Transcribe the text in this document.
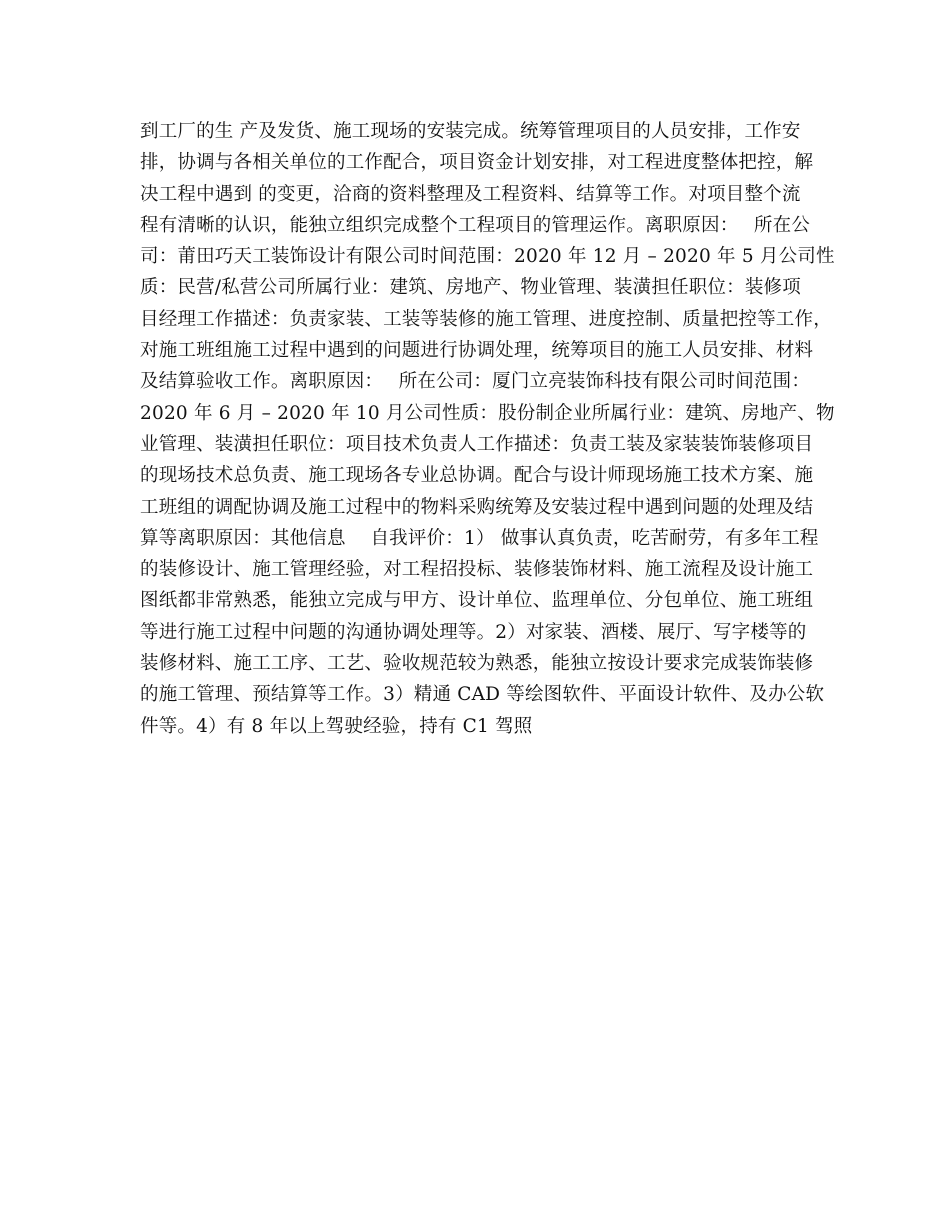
到工厂的生 产及发货、施工现场的安装完成。统筹管理项目的人员安排，工作安
排，协调与各相关单位的工作配合，项目资金计划安排，对工程进度整体把控，解
决工程中遇到 的变更，洽商的资料整理及工程资料、结算等工作。对项目整个流
程有清晰的认识，能独立组织完成整个工程项目的管理运作。离职原因：　 所在公
司：莆田巧天工装饰设计有限公司时间范围：2020 年 12 月 – 2020 年 5 月公司性
质：民营/私营公司所属行业：建筑、房地产、物业管理、装潢担任职位：装修项
目经理工作描述：负责家装、工装等装修的施工管理、进度控制、质量把控等工作，
对施工班组施工过程中遇到的问题进行协调处理，统筹项目的施工人员安排、材料
及结算验收工作。离职原因：　 所在公司：厦门立亮装饰科技有限公司时间范围：
2020 年 6 月 – 2020 年 10 月公司性质：股份制企业所属行业：建筑、房地产、物
业管理、装潢担任职位：项目技术负责人工作描述：负责工装及家装装饰装修项目
的现场技术总负责、施工现场各专业总协调。配合与设计师现场施工技术方案、施
工班组的调配协调及施工过程中的物料采购统筹及安装过程中遇到问题的处理及结
算等离职原因：其他信息　 自我评价：1） 做事认真负责，吃苦耐劳，有多年工程
的装修设计、施工管理经验，对工程招投标、装修装饰材料、施工流程及设计施工
图纸都非常熟悉，能独立完成与甲方、设计单位、监理单位、分包单位、施工班组
等进行施工过程中问题的沟通协调处理等。2）对家装、酒楼、展厅、写字楼等的
装修材料、施工工序、工艺、验收规范较为熟悉，能独立按设计要求完成装饰装修
的施工管理、预结算等工作。3）精通 CAD 等绘图软件、平面设计软件、及办公软
件等。4）有 8 年以上驾驶经验，持有 C1 驾照
